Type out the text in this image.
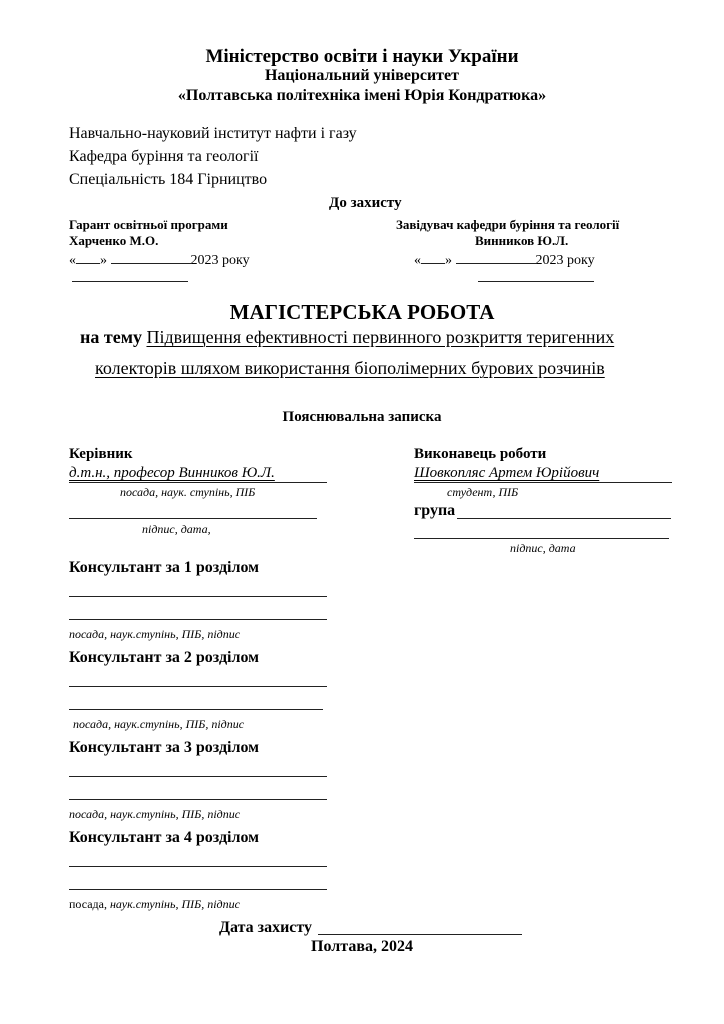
Міністерство освіти і науки України
Національний університет
«Полтавська політехніка імені Юрія Кондратюка»
Навчально-науковий інститут нафти і газу
Кафедра буріння та геології
Спеціальність 184 Гірництво
До захисту
Гарант освітньої програми
Харченко М.О.
« »	2023 року
Завідувач кафедри буріння та геології
Винников Ю.Л.
« »	2023 року
МАГІСТЕРСЬКА РОБОТА
на тему Підвищення ефективності первинного розкриття теригенних
колекторів шляхом використання біополімерних бурових розчинів
Пояснювальна записка
Керівник
д.т.н., професор Винников Ю.Л.
посада, наук. ступінь, ПІБ
підпис, дата,
Виконавець роботи
Шовкопляс Артем Юрійович
студент, ПІБ
група
підпис, дата
Консультант за 1 розділом
посада, наук.ступінь, ПІБ, підпис
Консультант за 2 розділом
посада, наук.ступінь, ПІБ, підпис
Консультант за 3 розділом
посада, наук.ступінь, ПІБ, підпис
Консультант за 4 розділом
посада, наук.ступінь, ПІБ, підпис
Дата захисту
Полтава, 2024
